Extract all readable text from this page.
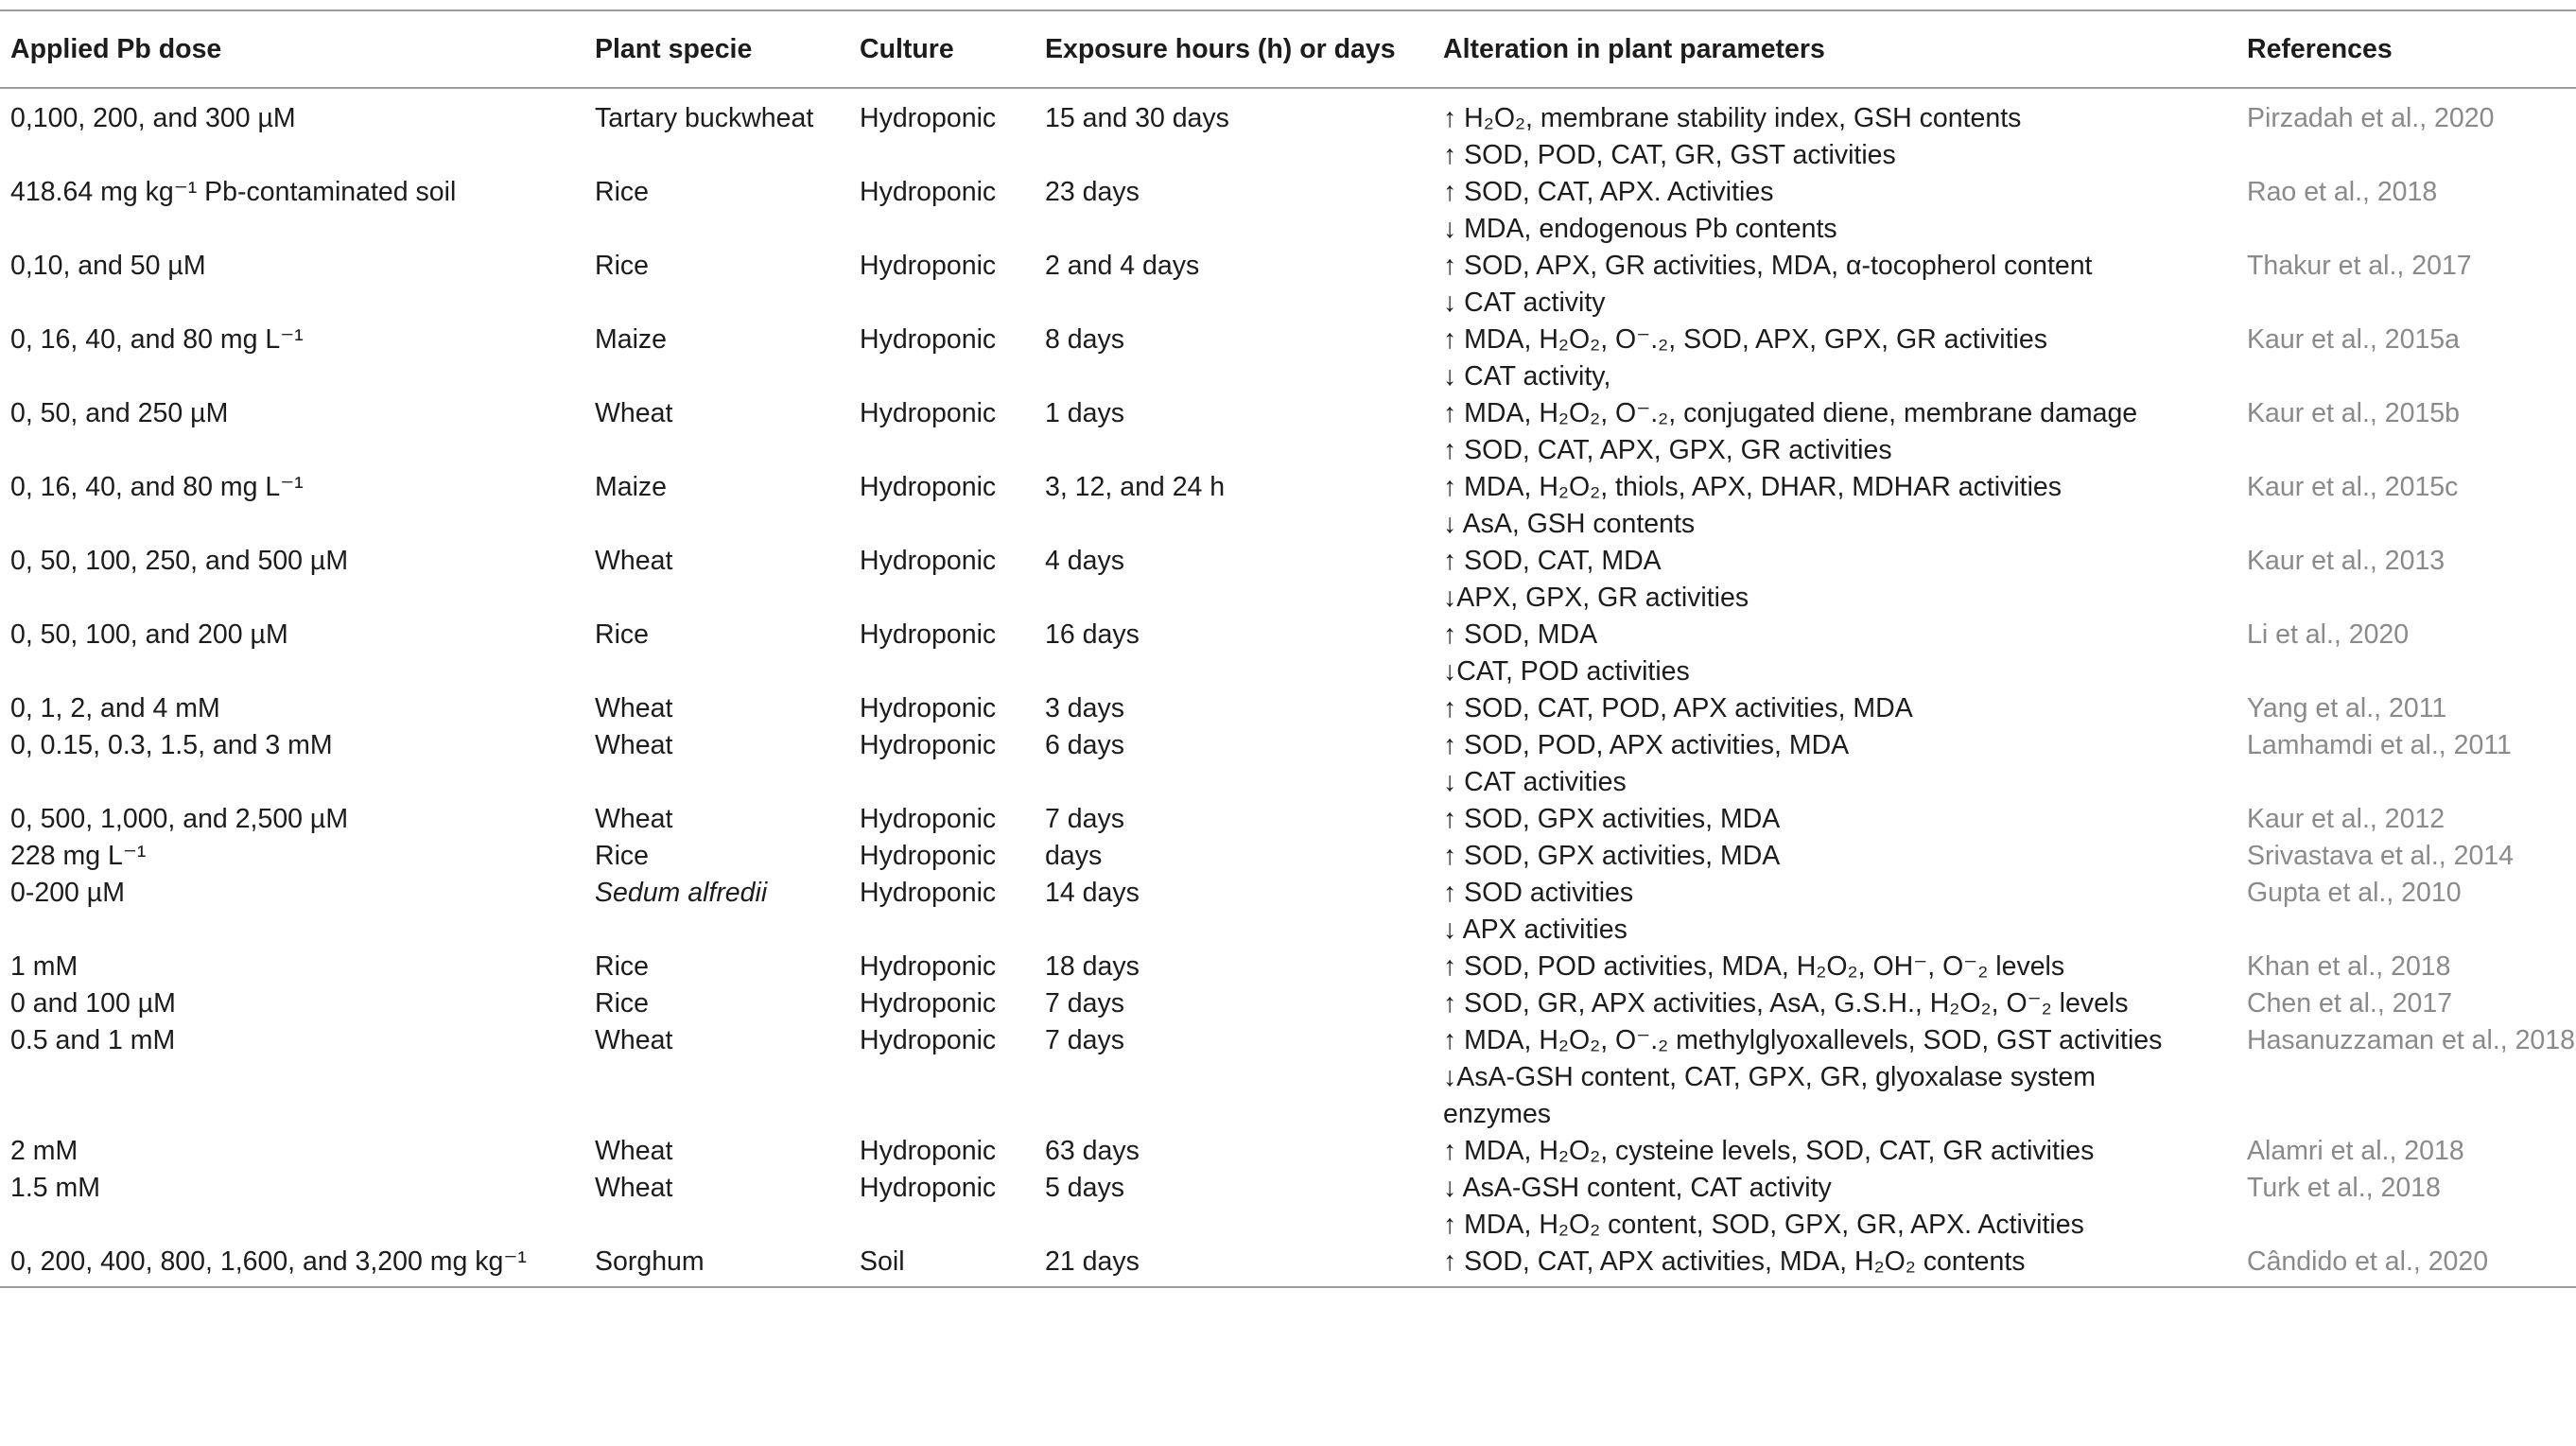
Applied Pb dose	Plant specie	Culture	Exposure hours (h) or days	Alteration in plant parameters	References
0,100, 200, and 300 µM	Tartary buckwheat	Hydroponic	15 and 30 days	↑ H₂O₂, membrane stability index, GSH contents
↑ SOD, POD, CAT, GR, GST activities	Pirzadah et al., 2020
418.64 mg kg⁻¹ Pb-contaminated soil	Rice	Hydroponic	23 days	↑ SOD, CAT, APX. Activities
↓ MDA, endogenous Pb contents	Rao et al., 2018
0,10, and 50 µM	Rice	Hydroponic	2 and 4 days	↑ SOD, APX, GR activities, MDA, α-tocopherol content
↓ CAT activity	Thakur et al., 2017
0, 16, 40, and 80 mg L⁻¹	Maize	Hydroponic	8 days	↑ MDA, H₂O₂, O⁻.₂, SOD, APX, GPX, GR activities
↓ CAT activity,	Kaur et al., 2015a
0, 50, and 250 µM	Wheat	Hydroponic	1 days	↑ MDA, H₂O₂, O⁻.₂, conjugated diene, membrane damage
↑ SOD, CAT, APX, GPX, GR activities	Kaur et al., 2015b
0, 16, 40, and 80 mg L⁻¹	Maize	Hydroponic	3, 12, and 24 h	↑ MDA, H₂O₂, thiols, APX, DHAR, MDHAR activities
↓ AsA, GSH contents	Kaur et al., 2015c
0, 50, 100, 250, and 500 µM	Wheat	Hydroponic	4 days	↑ SOD, CAT, MDA
↓APX, GPX, GR activities	Kaur et al., 2013
0, 50, 100, and 200 µM	Rice	Hydroponic	16 days	↑ SOD, MDA
↓CAT, POD activities	Li et al., 2020
0, 1, 2, and 4 mM	Wheat	Hydroponic	3 days	↑ SOD, CAT, POD, APX activities, MDA	Yang et al., 2011
0, 0.15, 0.3, 1.5, and 3 mM	Wheat	Hydroponic	6 days	↑ SOD, POD, APX activities, MDA
↓ CAT activities	Lamhamdi et al., 2011
0, 500, 1,000, and 2,500 µM	Wheat	Hydroponic	7 days	↑ SOD, GPX activities, MDA	Kaur et al., 2012
228 mg L⁻¹	Rice	Hydroponic	days	↑ SOD, GPX activities, MDA	Srivastava et al., 2014
0-200 µM	Sedum alfredii	Hydroponic	14 days	↑ SOD activities
↓ APX activities	Gupta et al., 2010
1 mM	Rice	Hydroponic	18 days	↑ SOD, POD activities, MDA, H₂O₂, OH⁻, O⁻₂ levels	Khan et al., 2018
0 and 100 µM	Rice	Hydroponic	7 days	↑ SOD, GR, APX activities, AsA, G.S.H., H₂O₂, O⁻₂ levels	Chen et al., 2017
0.5 and 1 mM	Wheat	Hydroponic	7 days	↑ MDA, H₂O₂, O⁻.₂ methylglyoxallevels, SOD, GST activities
↓AsA-GSH content, CAT, GPX, GR, glyoxalase system
enzymes	Hasanuzzaman et al., 2018
2 mM	Wheat	Hydroponic	63 days	↑ MDA, H₂O₂, cysteine levels, SOD, CAT, GR activities	Alamri et al., 2018
1.5 mM	Wheat	Hydroponic	5 days	↓ AsA-GSH content, CAT activity
↑ MDA, H₂O₂ content, SOD, GPX, GR, APX. Activities	Turk et al., 2018
0, 200, 400, 800, 1,600, and 3,200 mg kg⁻¹	Sorghum	Soil	21 days	↑ SOD, CAT, APX activities, MDA, H₂O₂ contents	Cândido et al., 2020
